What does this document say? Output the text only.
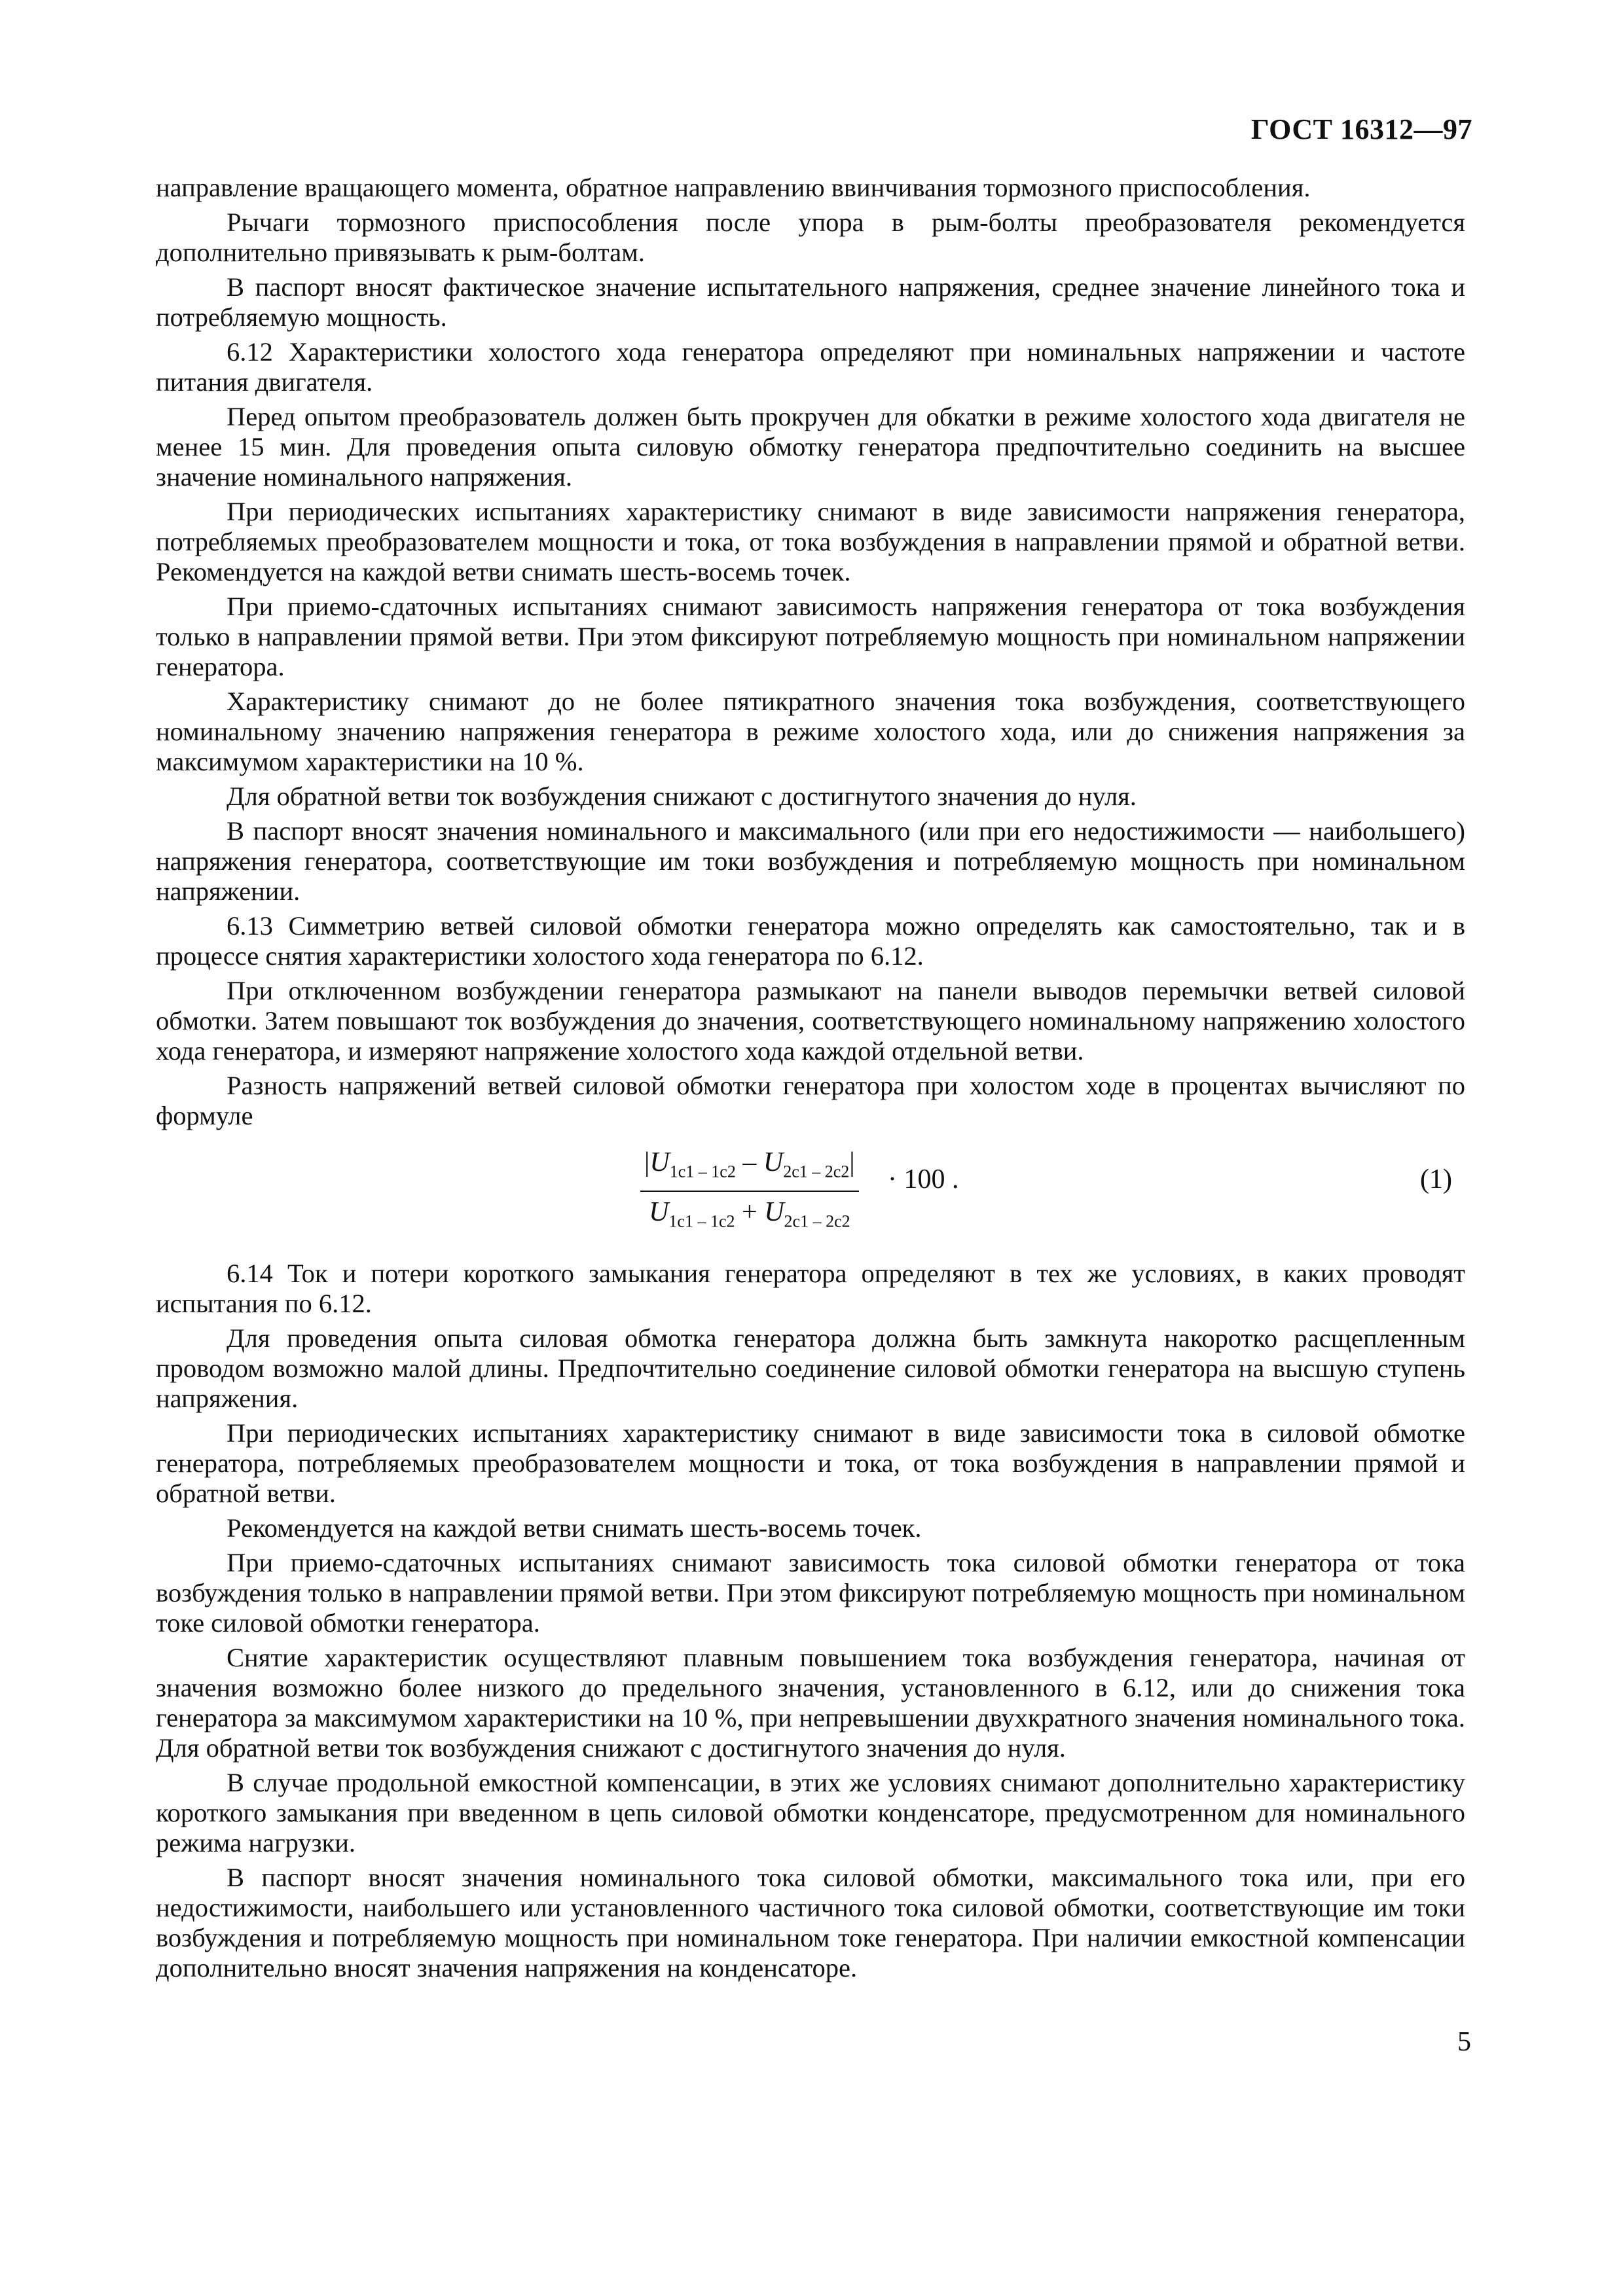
ГОСТ 16312—97

направление вращающего момента, обратное направлению ввинчивания тормозного приспособления.

Рычаги тормозного приспособления после упора в рым-болты преобразователя рекомендуется дополнительно привязывать к рым-болтам.

В паспорт вносят фактическое значение испытательного напряжения, среднее значение линейного тока и потребляемую мощность.

6.12 Характеристики холостого хода генератора определяют при номинальных напряжении и частоте питания двигателя.

Перед опытом преобразователь должен быть прокручен для обкатки в режиме холостого хода двигателя не менее 15 мин. Для проведения опыта силовую обмотку генератора предпочтительно соединить на высшее значение номинального напряжения.

При периодических испытаниях характеристику снимают в виде зависимости напряжения генератора, потребляемых преобразователем мощности и тока, от тока возбуждения в направлении прямой и обратной ветви. Рекомендуется на каждой ветви снимать шесть-восемь точек.

При приемо-сдаточных испытаниях снимают зависимость напряжения генератора от тока возбуждения только в направлении прямой ветви. При этом фиксируют потребляемую мощность при номинальном напряжении генератора.

Характеристику снимают до не более пятикратного значения тока возбуждения, соответствующего номинальному значению напряжения генератора в режиме холостого хода, или до снижения напряжения за максимумом характеристики на 10 %.

Для обратной ветви ток возбуждения снижают с достигнутого значения до нуля.

В паспорт вносят значения номинального и максимального (или при его недостижимости — наибольшего) напряжения генератора, соответствующие им токи возбуждения и потребляемую мощность при номинальном напряжении.

6.13 Симметрию ветвей силовой обмотки генератора можно определять как самостоятельно, так и в процессе снятия характеристики холостого хода генератора по 6.12.

При отключенном возбуждении генератора размыкают на панели выводов перемычки ветвей силовой обмотки. Затем повышают ток возбуждения до значения, соответствующего номинальному напряжению холостого хода генератора, и измеряют напряжение холостого хода каждой отдельной ветви.

Разность напряжений ветвей силовой обмотки генератора при холостом ходе в процентах вычисляют по формуле

$\frac{|U_{1c1 - 1c2} - U_{2c1 - 2c2}|}{U_{1c1 - 1c2} + U_{2c1 - 2c2}} \cdot 100$ .	(1)

6.14 Ток и потери короткого замыкания генератора определяют в тех же условиях, в каких проводят испытания по 6.12.

Для проведения опыта силовая обмотка генератора должна быть замкнута накоротко расщепленным проводом возможно малой длины. Предпочтительно соединение силовой обмотки генератора на высшую ступень напряжения.

При периодических испытаниях характеристику снимают в виде зависимости тока в силовой обмотке генератора, потребляемых преобразователем мощности и тока, от тока возбуждения в направлении прямой и обратной ветви.

Рекомендуется на каждой ветви снимать шесть-восемь точек.

При приемо-сдаточных испытаниях снимают зависимость тока силовой обмотки генератора от тока возбуждения только в направлении прямой ветви. При этом фиксируют потребляемую мощность при номинальном токе силовой обмотки генератора.

Снятие характеристик осуществляют плавным повышением тока возбуждения генератора, начиная от значения возможно более низкого до предельного значения, установленного в 6.12, или до снижения тока генератора за максимумом характеристики на 10 %, при непревышении двухкратного значения номинального тока. Для обратной ветви ток возбуждения снижают с достигнутого значения до нуля.

В случае продольной емкостной компенсации, в этих же условиях снимают дополнительно характеристику короткого замыкания при введенном в цепь силовой обмотки конденсаторе, предусмотренном для номинального режима нагрузки.

В паспорт вносят значения номинального тока силовой обмотки, максимального тока или, при его недостижимости, наибольшего или установленного частичного тока силовой обмотки, соответствующие им токи возбуждения и потребляемую мощность при номинальном токе генератора. При наличии емкостной компенсации дополнительно вносят значения напряжения на конденсаторе.

5
